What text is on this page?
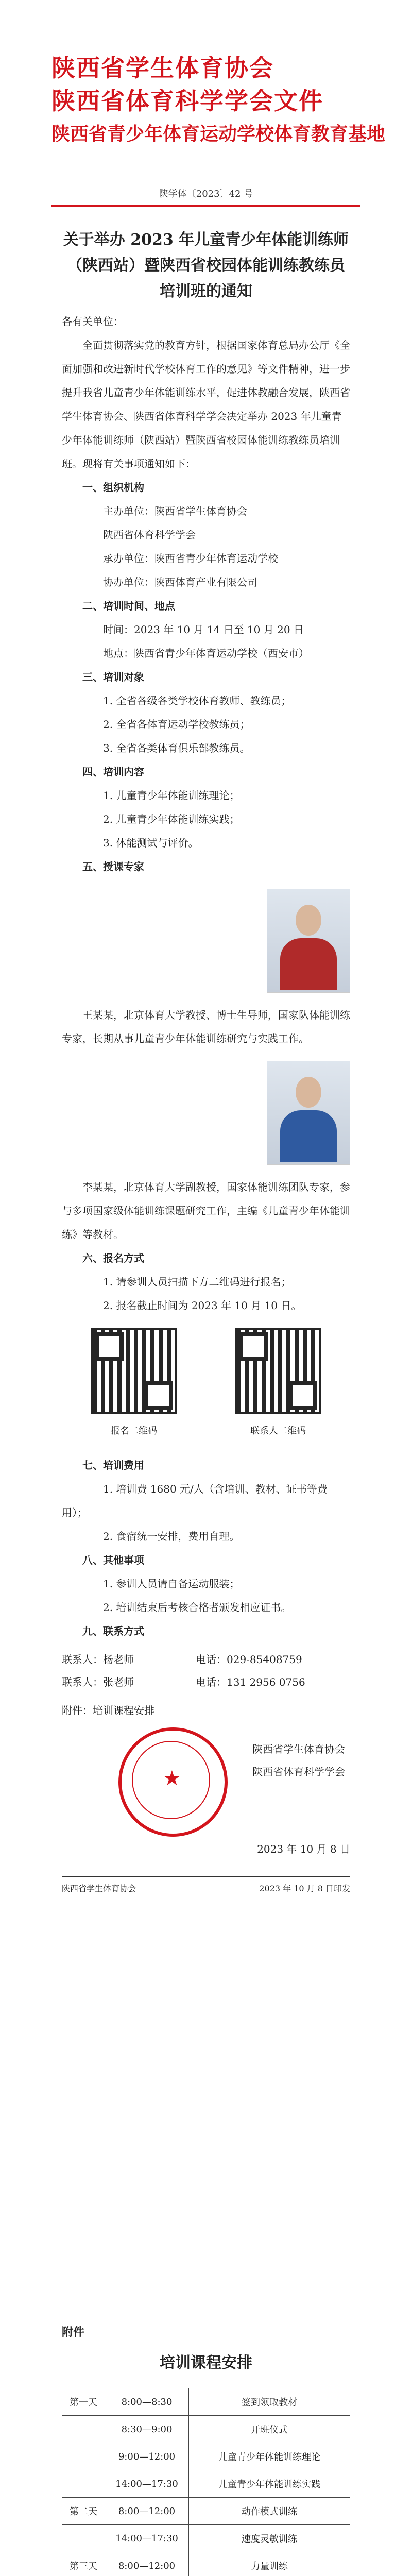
陕西省学生体育协会
陕西省体育科学学会文件
陕西省青少年体育运动学校体育教育基地
陕学体〔2023〕42 号
关于举办 2023 年儿童青少年体能训练师
（陕西站）暨陕西省校园体能训练教练员
培训班的通知

各有关单位：

全面贯彻落实党的教育方针，根据国家体育总局办公厅《全面加强和改进新时代学校体育工作的意见》等文件精神，进一步提升我省儿童青少年体能训练水平，促进体教融合发展，陕西省学生体育协会、陕西省体育科学学会决定举办 2023 年儿童青少年体能训练师（陕西站）暨陕西省校园体能训练教练员培训班。现将有关事项通知如下：

一、组织机构

主办单位：陕西省学生体育协会

陕西省体育科学学会

承办单位：陕西省青少年体育运动学校

协办单位：陕西体育产业有限公司

二、培训时间、地点

时间：2023 年 10 月 14 日至 10 月 20 日

地点：陕西省青少年体育运动学校（西安市）

三、培训对象

1. 全省各级各类学校体育教师、教练员；

2. 全省各体育运动学校教练员；

3. 全省各类体育俱乐部教练员。

四、培训内容

1. 儿童青少年体能训练理论；

2. 儿童青少年体能训练实践；

3. 体能测试与评价。

五、授课专家

王某某，北京体育大学教授、博士生导师，国家队体能训练专家，长期从事儿童青少年体能训练研究与实践工作。

李某某，北京体育大学副教授，国家体能训练团队专家，参与多项国家级体能训练课题研究工作，主编《儿童青少年体能训练》等教材。

六、报名方式

1. 请参训人员扫描下方二维码进行报名；

2. 报名截止时间为 2023 年 10 月 10 日。

报名二维码	联系人二维码

七、培训费用

1. 培训费 1680 元/人（含培训、教材、证书等费用）；

2. 食宿统一安排，费用自理。

八、其他事项

1. 参训人员请自备运动服装；

2. 培训结束后考核合格者颁发相应证书。

九、联系方式

联系人：杨老师	电话：029-85408759
联系人：张老师	电话：131 2956 0756

附件：培训课程安排

★
陕西省学生体育协会
陕西省体育科学学会
2023 年 10 月 8 日
陕西省学生体育协会	2023 年 10 月 8 日印发
附件
培训课程安排
第一天	8:00—8:30	签到领取教材
	8:30—9:00	开班仪式
	9:00—12:00	儿童青少年体能训练理论
	14:00—17:30	儿童青少年体能训练实践
第二天	8:00—12:00	动作模式训练
	14:00—17:30	速度灵敏训练
第三天	8:00—12:00	力量训练
